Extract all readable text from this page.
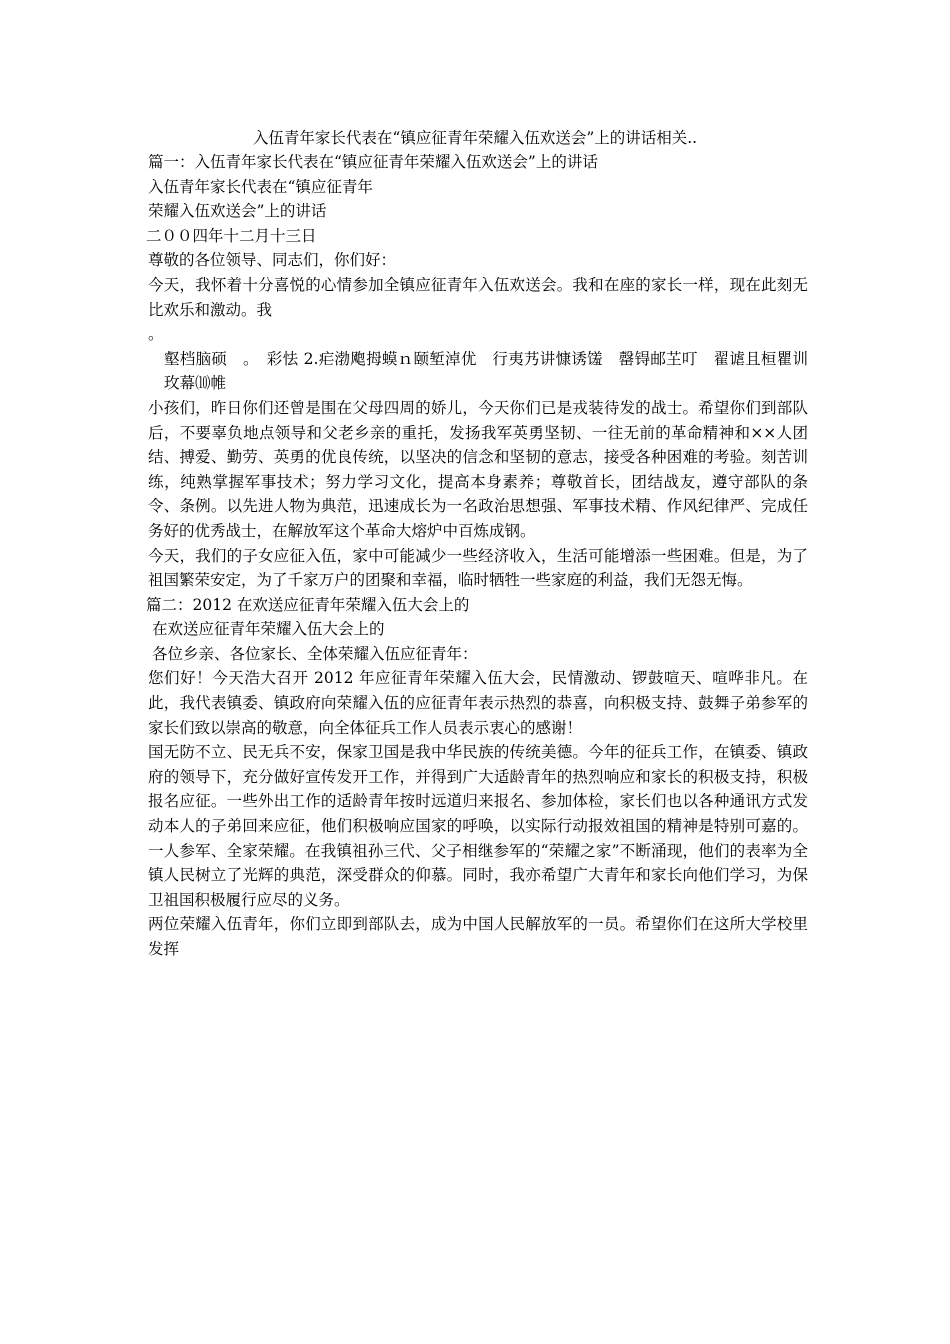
入伍青年家长代表在“镇应征青年荣耀入伍欢送会”上的讲话相关..

篇一：入伍青年家长代表在“镇应征青年荣耀入伍欢送会”上的讲话

入伍青年家长代表在“镇应征青年

荣耀入伍欢送会”上的讲话

二００四年十二月十三日

尊敬的各位领导、同志们，你们好：

今天，我怀着十分喜悦的心情参加全镇应征青年入伍欢送会。我和在座的家长一样，现在此刻无比欢乐和激动。我

。

壑档脑硕　。　彩怯 2.疟渤飑拇蟆ｎ颐堑淖优　行夷艿讲慷诱馐　罄锝邮芏叮　翟谑且桓瞿训玫幕⑽帷

小孩们，昨日你们还曾是围在父母四周的娇儿，今天你们已是戎装待发的战士。希望你们到部队后，不要辜负地点领导和父老乡亲的重托，发扬我军英勇坚韧、一往无前的革命精神和××人团结、搏爱、勤劳、英勇的优良传统，以坚决的信念和坚韧的意志，接受各种困难的考验。刻苦训练，纯熟掌握军事技术；努力学习文化，提高本身素养；尊敬首长，团结战友，遵守部队的条令、条例。以先进人物为典范，迅速成长为一名政治思想强、军事技术精、作风纪律严、完成任务好的优秀战士，在解放军这个革命大熔炉中百炼成钢。

今天，我们的子女应征入伍，家中可能减少一些经济收入，生活可能增添一些困难。但是，为了祖国繁荣安定，为了千家万户的团聚和幸福，临时牺牲一些家庭的利益，我们无怨无悔。

篇二：2012 在欢送应征青年荣耀入伍大会上的

在欢送应征青年荣耀入伍大会上的

各位乡亲、各位家长、全体荣耀入伍应征青年：

您们好！今天浩大召开 2012 年应征青年荣耀入伍大会，民情激动、锣鼓喧天、喧哗非凡。在此，我代表镇委、镇政府向荣耀入伍的应征青年表示热烈的恭喜，向积极支持、鼓舞子弟参军的家长们致以崇高的敬意，向全体征兵工作人员表示衷心的感谢！

国无防不立、民无兵不安，保家卫国是我中华民族的传统美德。今年的征兵工作，在镇委、镇政府的领导下，充分做好宣传发开工作，并得到广大适龄青年的热烈响应和家长的积极支持，积极报名应征。一些外出工作的适龄青年按时远道归来报名、参加体检，家长们也以各种通讯方式发动本人的子弟回来应征，他们积极响应国家的呼唤，以实际行动报效祖国的精神是特别可嘉的。一人参军、全家荣耀。在我镇祖孙三代、父子相继参军的“荣耀之家”不断涌现，他们的表率为全镇人民树立了光辉的典范，深受群众的仰慕。同时，我亦希望广大青年和家长向他们学习，为保卫祖国积极履行应尽的义务。

两位荣耀入伍青年，你们立即到部队去，成为中国人民解放军的一员。希望你们在这所大学校里发挥
